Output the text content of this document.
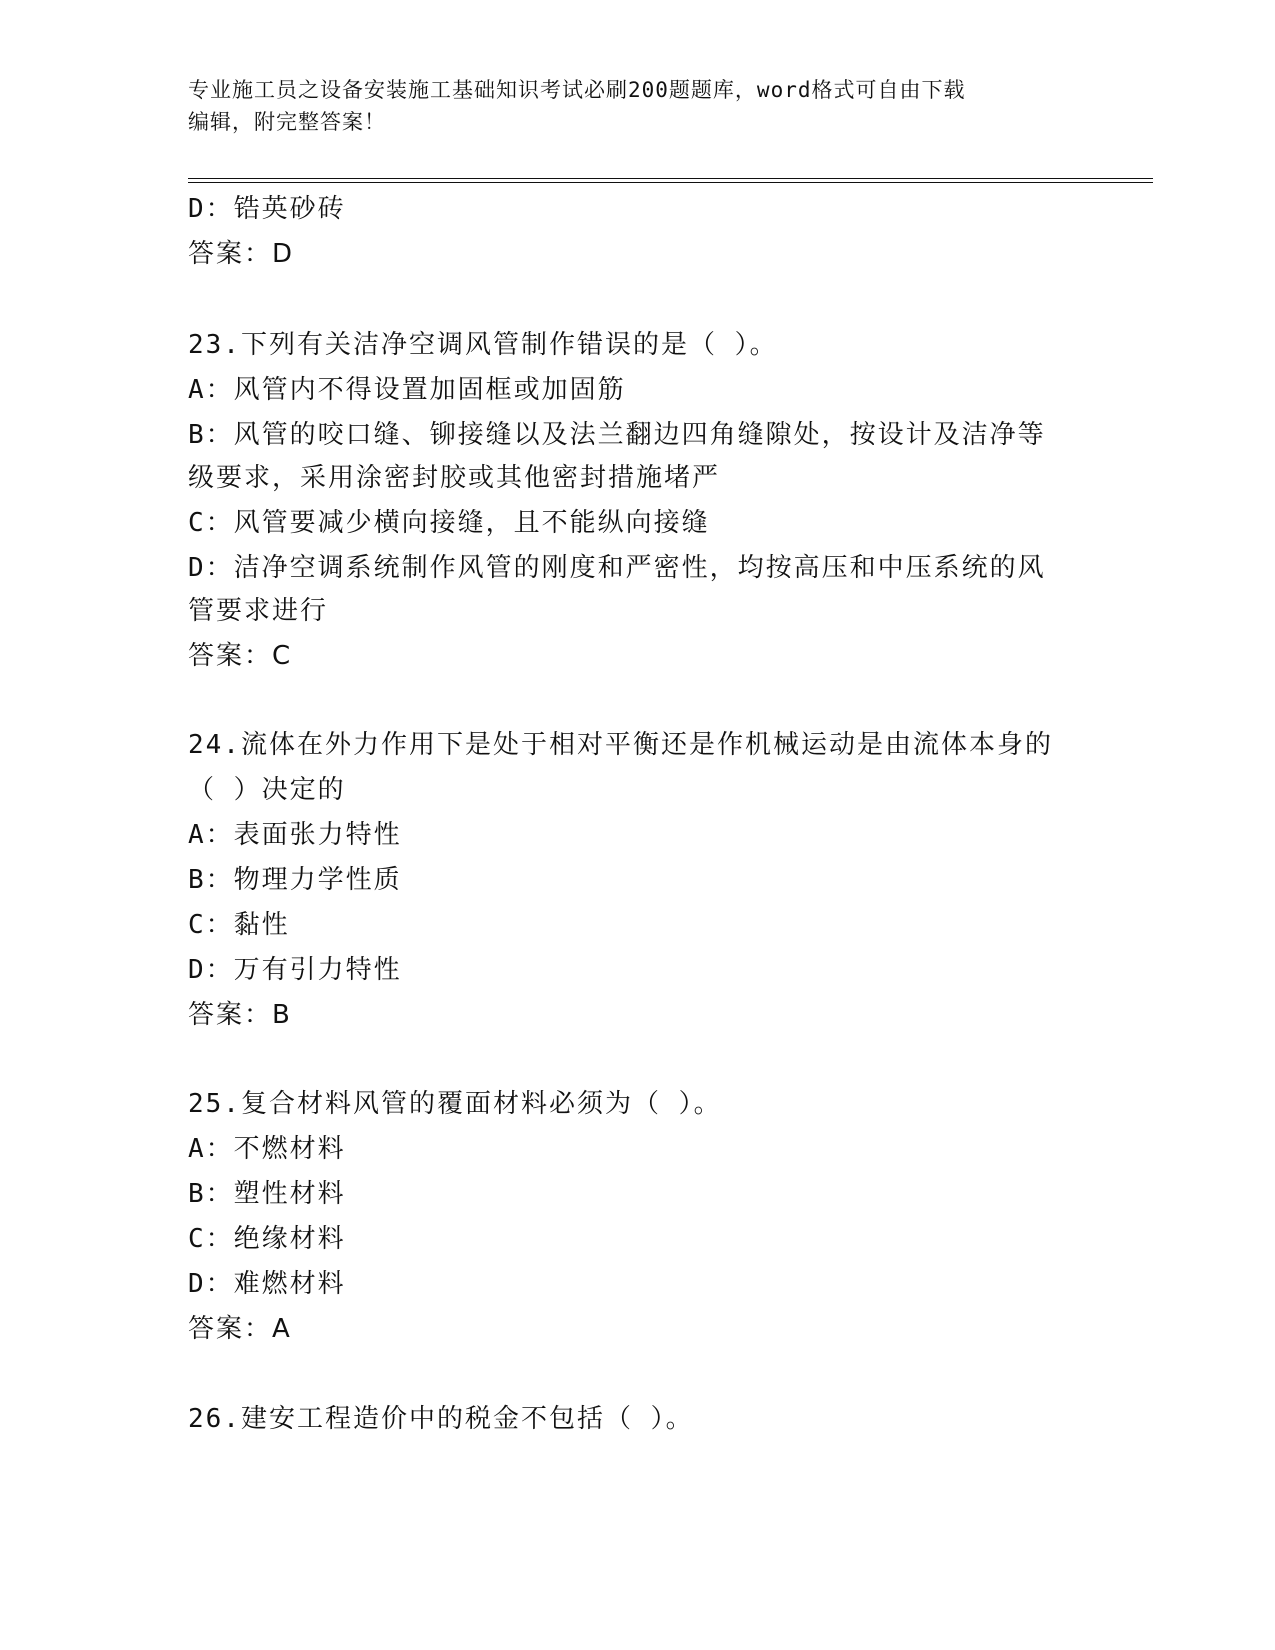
专业施工员之设备安装施工基础知识考试必刷200题题库，word格式可自由下载
编辑，附完整答案！
D：锆英砂砖
答案：D
23.下列有关洁净空调风管制作错误的是（ ）。
A：风管内不得设置加固框或加固筋
B：风管的咬口缝、铆接缝以及法兰翻边四角缝隙处，按设计及洁净等
级要求，采用涂密封胶或其他密封措施堵严
C：风管要减少横向接缝，且不能纵向接缝
D：洁净空调系统制作风管的刚度和严密性，均按高压和中压系统的风
管要求进行
答案：C
24.流体在外力作用下是处于相对平衡还是作机械运动是由流体本身的
（ ）决定的
A：表面张力特性
B：物理力学性质
C：黏性
D：万有引力特性
答案：B
25.复合材料风管的覆面材料必须为（ ）。
A：不燃材料
B：塑性材料
C：绝缘材料
D：难燃材料
答案：A
26.建安工程造价中的税金不包括（ ）。
